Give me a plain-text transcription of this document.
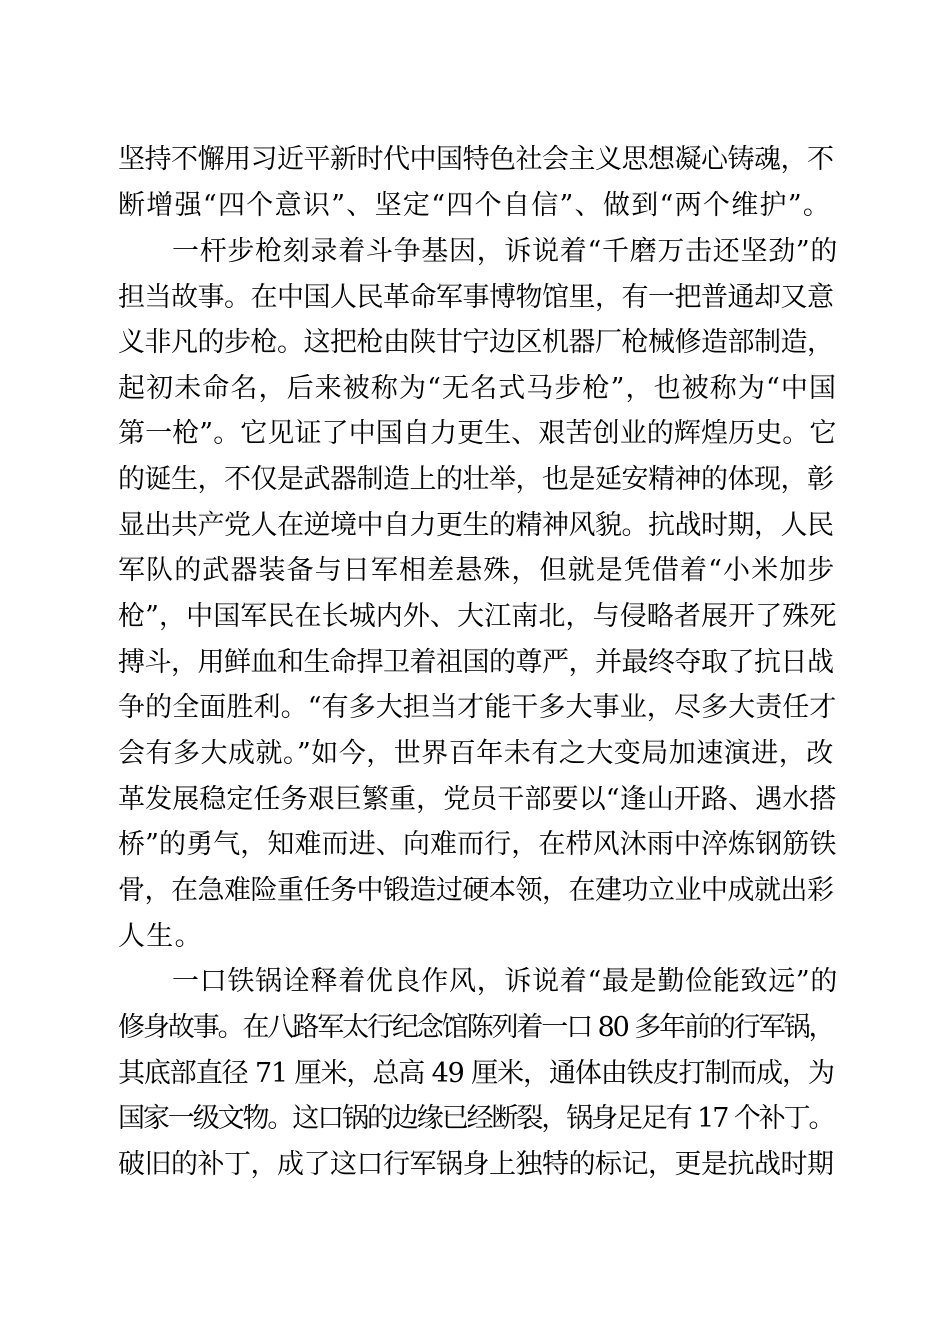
坚持不懈用习近平新时代中国特色社会主义思想凝心铸魂，不
断增强“四个意识”、坚定“四个自信”、做到“两个维护”。
一杆步枪刻录着斗争基因，诉说着“千磨万击还坚劲”的
担当故事。在中国人民革命军事博物馆里，有一把普通却又意
义非凡的步枪。这把枪由陕甘宁边区机器厂枪械修造部制造，
起初未命名，后来被称为“无名式马步枪”，也被称为“中国
第一枪”。它见证了中国自力更生、艰苦创业的辉煌历史。它
的诞生，不仅是武器制造上的壮举，也是延安精神的体现，彰
显出共产党人在逆境中自力更生的精神风貌。抗战时期，人民
军队的武器装备与日军相差悬殊，但就是凭借着“小米加步
枪”，中国军民在长城内外、大江南北，与侵略者展开了殊死
搏斗，用鲜血和生命捍卫着祖国的尊严，并最终夺取了抗日战
争的全面胜利。“有多大担当才能干多大事业，尽多大责任才
会有多大成就。”如今，世界百年未有之大变局加速演进，改
革发展稳定任务艰巨繁重，党员干部要以“逢山开路、遇水搭
桥”的勇气，知难而进、向难而行，在栉风沐雨中淬炼钢筋铁
骨，在急难险重任务中锻造过硬本领，在建功立业中成就出彩
人生。
一口铁锅诠释着优良作风，诉说着“最是勤俭能致远”的
修身故事。在八路军太行纪念馆陈列着一口 80 多年前的行军锅，
其底部直径 71 厘米，总高 49 厘米，通体由铁皮打制而成，为
国家一级文物。这口锅的边缘已经断裂，锅身足足有 17 个补丁。
破旧的补丁，成了这口行军锅身上独特的标记，更是抗战时期
